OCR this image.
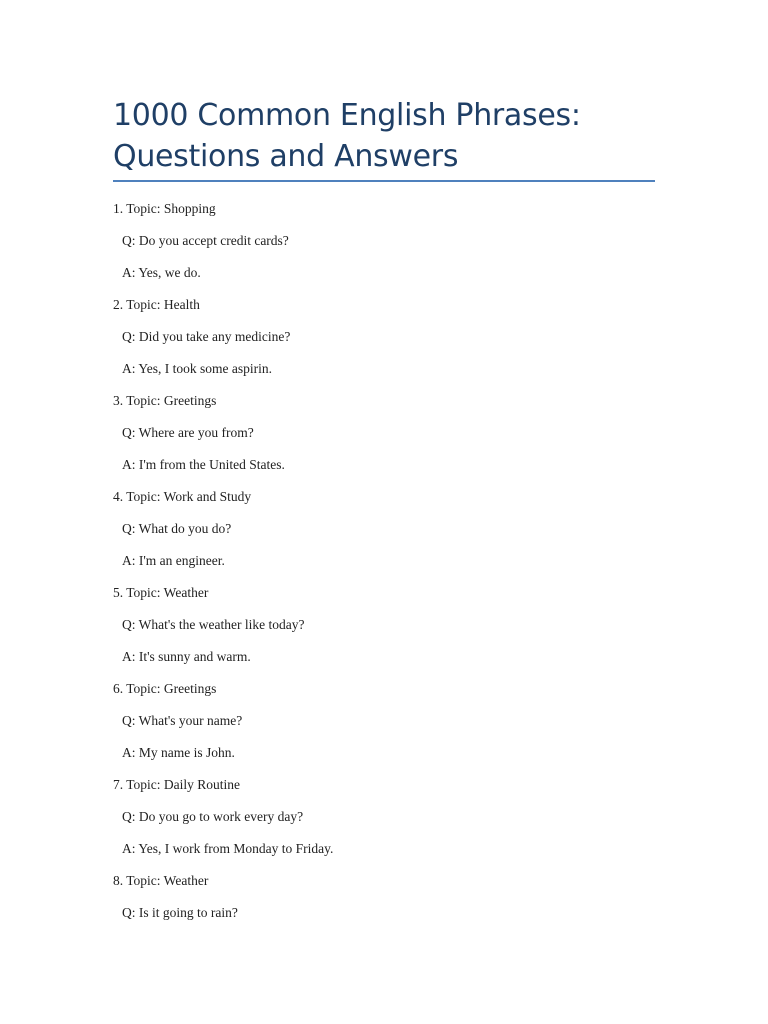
1000 Common English Phrases:
Questions and Answers
1. Topic: Shopping
Q: Do you accept credit cards?
A: Yes, we do.
2. Topic: Health
Q: Did you take any medicine?
A: Yes, I took some aspirin.
3. Topic: Greetings
Q: Where are you from?
A: I'm from the United States.
4. Topic: Work and Study
Q: What do you do?
A: I'm an engineer.
5. Topic: Weather
Q: What's the weather like today?
A: It's sunny and warm.
6. Topic: Greetings
Q: What's your name?
A: My name is John.
7. Topic: Daily Routine
Q: Do you go to work every day?
A: Yes, I work from Monday to Friday.
8. Topic: Weather
Q: Is it going to rain?
